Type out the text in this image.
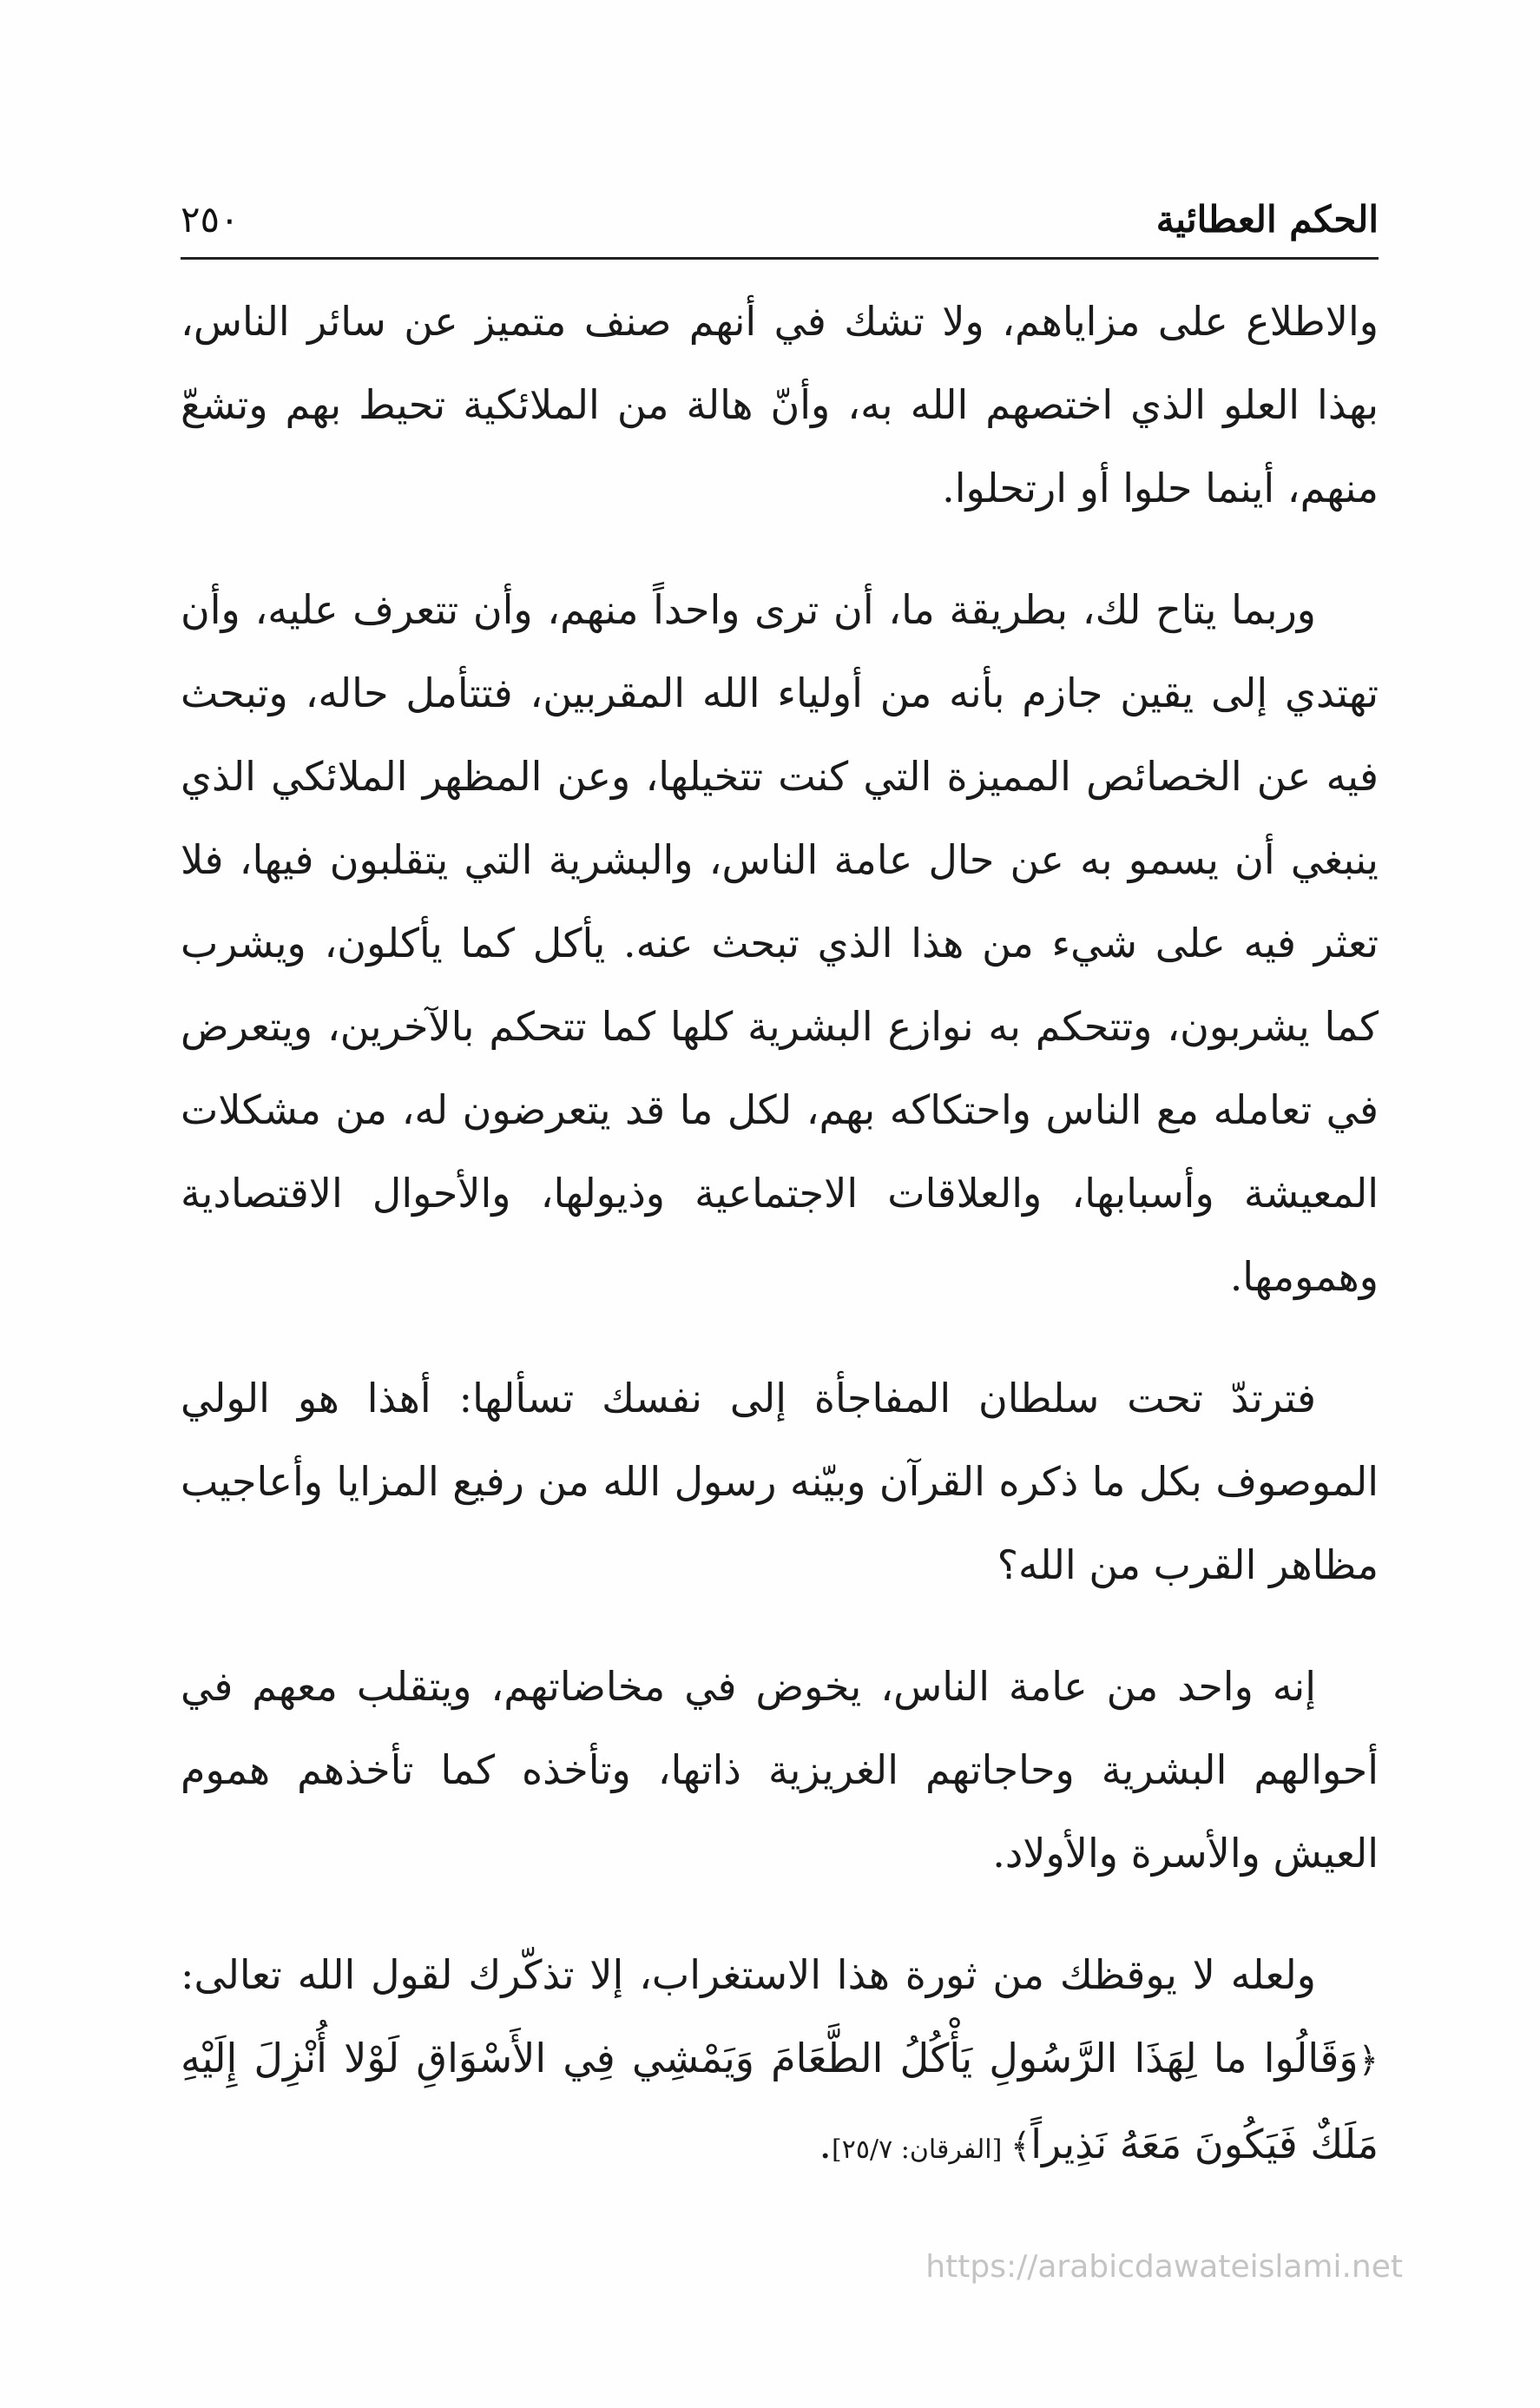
الحكم العطائية
٢٥٠

والاطلاع على مزاياهم، ولا تشك في أنهم صنف متميز عن سائر الناس، بهذا العلو الذي اختصهم الله به، وأنّ هالة من الملائكية تحيط بهم وتشعّ منهم، أينما حلوا أو ارتحلوا.

وربما يتاح لك، بطريقة ما، أن ترى واحداً منهم، وأن تتعرف عليه، وأن تهتدي إلى يقين جازم بأنه من أولياء الله المقربين، فتتأمل حاله، وتبحث فيه عن الخصائص المميزة التي كنت تتخيلها، وعن المظهر الملائكي الذي ينبغي أن يسمو به عن حال عامة الناس، والبشرية التي يتقلبون فيها، فلا تعثر فيه على شيء من هذا الذي تبحث عنه. يأكل كما يأكلون، ويشرب كما يشربون، وتتحكم به نوازع البشرية كلها كما تتحكم بالآخرين، ويتعرض في تعامله مع الناس واحتكاكه بهم، لكل ما قد يتعرضون له، من مشكلات المعيشة وأسبابها، والعلاقات الاجتماعية وذيولها، والأحوال الاقتصادية وهمومها.

فترتدّ تحت سلطان المفاجأة إلى نفسك تسألها: أهذا هو الولي الموصوف بكل ما ذكره القرآن وبيّنه رسول الله من رفيع المزايا وأعاجيب مظاهر القرب من الله؟

إنه واحد من عامة الناس، يخوض في مخاضاتهم، ويتقلب معهم في أحوالهم البشرية وحاجاتهم الغريزية ذاتها، وتأخذه كما تأخذهم هموم العيش والأسرة والأولاد.

ولعله لا يوقظك من ثورة هذا الاستغراب، إلا تذكّرك لقول الله تعالى: ﴿وَقَالُوا ما لِهَذَا الرَّسُولِ يَأْكُلُ الطَّعَامَ وَيَمْشِي فِي الأَسْوَاقِ لَوْلا أُنْزِلَ إِلَيْهِ مَلَكٌ فَيَكُونَ مَعَهُ نَذِيراً﴾ [الفرقان: ٢٥/٧].

https://arabicdawateislami.net
